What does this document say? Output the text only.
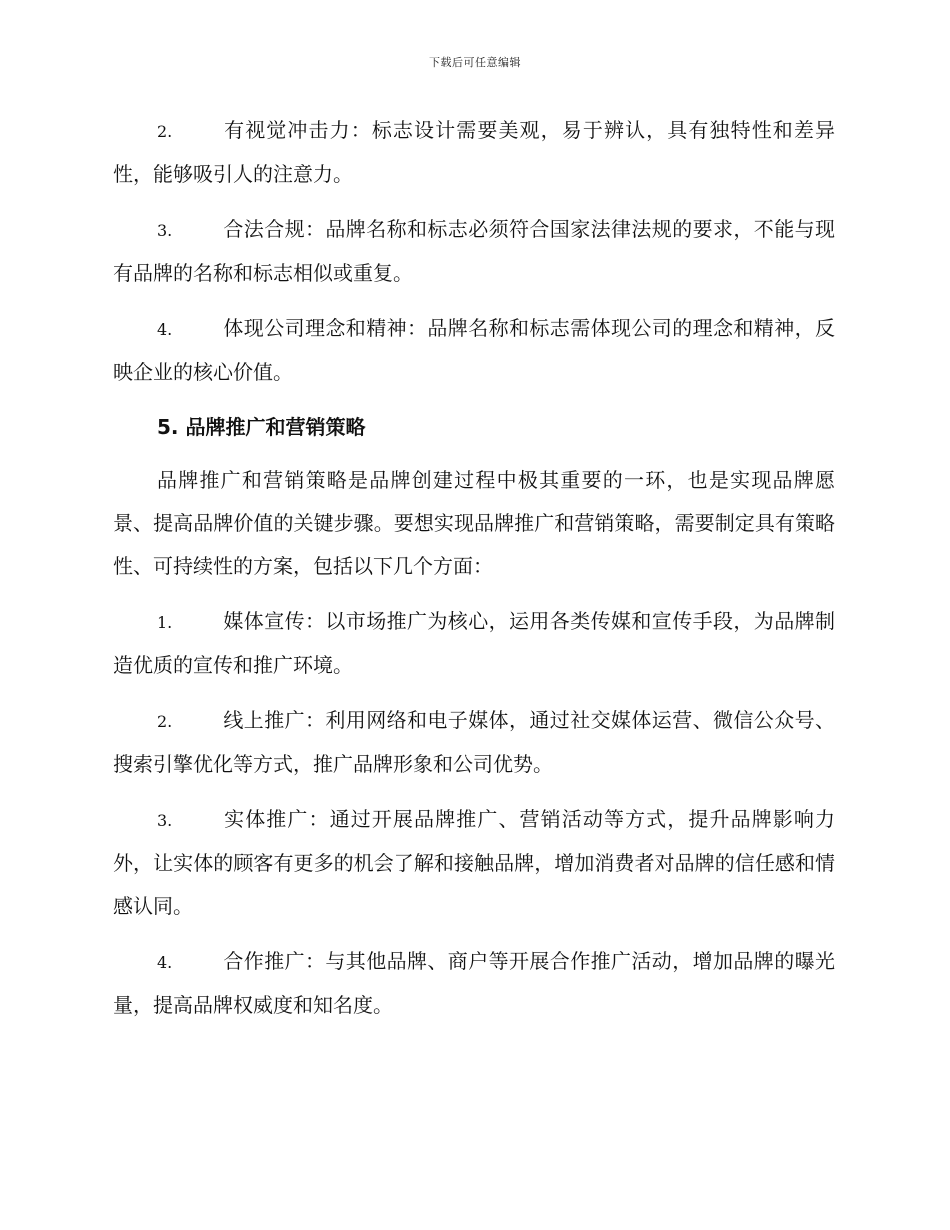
下载后可任意编辑
2.	有视觉冲击力：标志设计需要美观，易于辨认，具有独特性和差异性，能够吸引人的注意力。
3.	合法合规：品牌名称和标志必须符合国家法律法规的要求，不能与现有品牌的名称和标志相似或重复。
4.	体现公司理念和精神：品牌名称和标志需体现公司的理念和精神，反映企业的核心价值。
5. 品牌推广和营销策略
品牌推广和营销策略是品牌创建过程中极其重要的一环，也是实现品牌愿景、提高品牌价值的关键步骤。要想实现品牌推广和营销策略，需要制定具有策略性、可持续性的方案，包括以下几个方面：
1.	媒体宣传：以市场推广为核心，运用各类传媒和宣传手段，为品牌制造优质的宣传和推广环境。
2.	线上推广：利用网络和电子媒体，通过社交媒体运营、微信公众号、搜索引擎优化等方式，推广品牌形象和公司优势。
3.	实体推广：通过开展品牌推广、营销活动等方式，提升品牌影响力外，让实体的顾客有更多的机会了解和接触品牌，增加消费者对品牌的信任感和情感认同。
4.	合作推广：与其他品牌、商户等开展合作推广活动，增加品牌的曝光量，提高品牌权威度和知名度。
